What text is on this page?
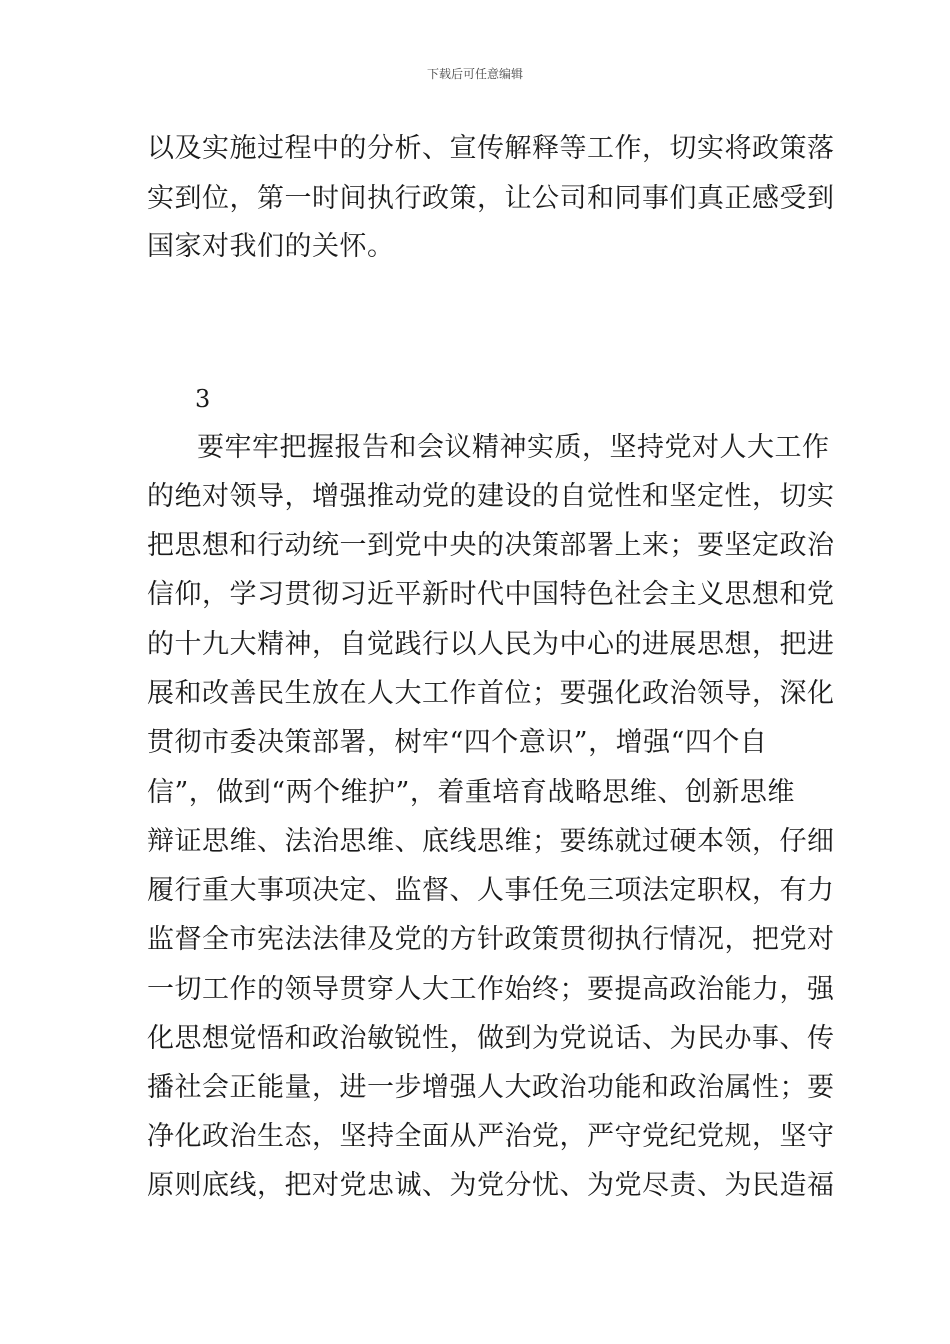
下载后可任意编辑
以及实施过程中的分析、宣传解释等工作，切实将政策落
实到位，第一时间执行政策，让公司和同事们真正感受到
国家对我们的关怀。
3
要牢牢把握报告和会议精神实质，坚持党对人大工作
的绝对领导，增强推动党的建设的自觉性和坚定性，切实
把思想和行动统一到党中央的决策部署上来；要坚定政治
信仰，学习贯彻习近平新时代中国特色社会主义思想和党
的十九大精神，自觉践行以人民为中心的进展思想，把进
展和改善民生放在人大工作首位；要强化政治领导，深化
贯彻市委决策部署，树牢“四个意识”，增强“四个自
信”，做到“两个维护”，着重培育战略思维、创新思维
辩证思维、法治思维、底线思维；要练就过硬本领，仔细
履行重大事项决定、监督、人事任免三项法定职权，有力
监督全市宪法法律及党的方针政策贯彻执行情况，把党对
一切工作的领导贯穿人大工作始终；要提高政治能力，强
化思想觉悟和政治敏锐性，做到为党说话、为民办事、传
播社会正能量，进一步增强人大政治功能和政治属性；要
净化政治生态，坚持全面从严治党，严守党纪党规，坚守
原则底线，把对党忠诚、为党分忧、为党尽责、为民造福
